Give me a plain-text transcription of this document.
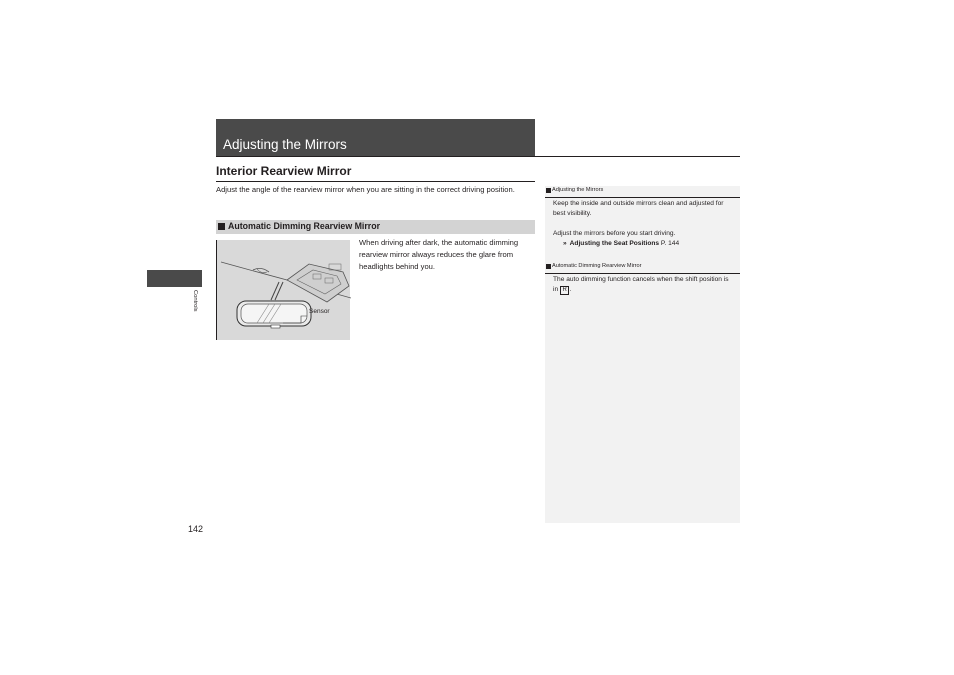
Adjusting the Mirrors
Interior Rearview Mirror
Adjust the angle of the rearview mirror when you are sitting in the correct driving position.
Automatic Dimming Rearview Mirror
Sensor
When driving after dark, the automatic dimming rearview mirror always reduces the glare from headlights behind you.
Controls
142
Adjusting the Mirrors
Keep the inside and outside mirrors clean and adjusted for best visibility.
Adjust the mirrors before you start driving.
» Adjusting the Seat Positions P. 144
Automatic Dimming Rearview Mirror
The auto dimming function cancels when the shift position is in R .
